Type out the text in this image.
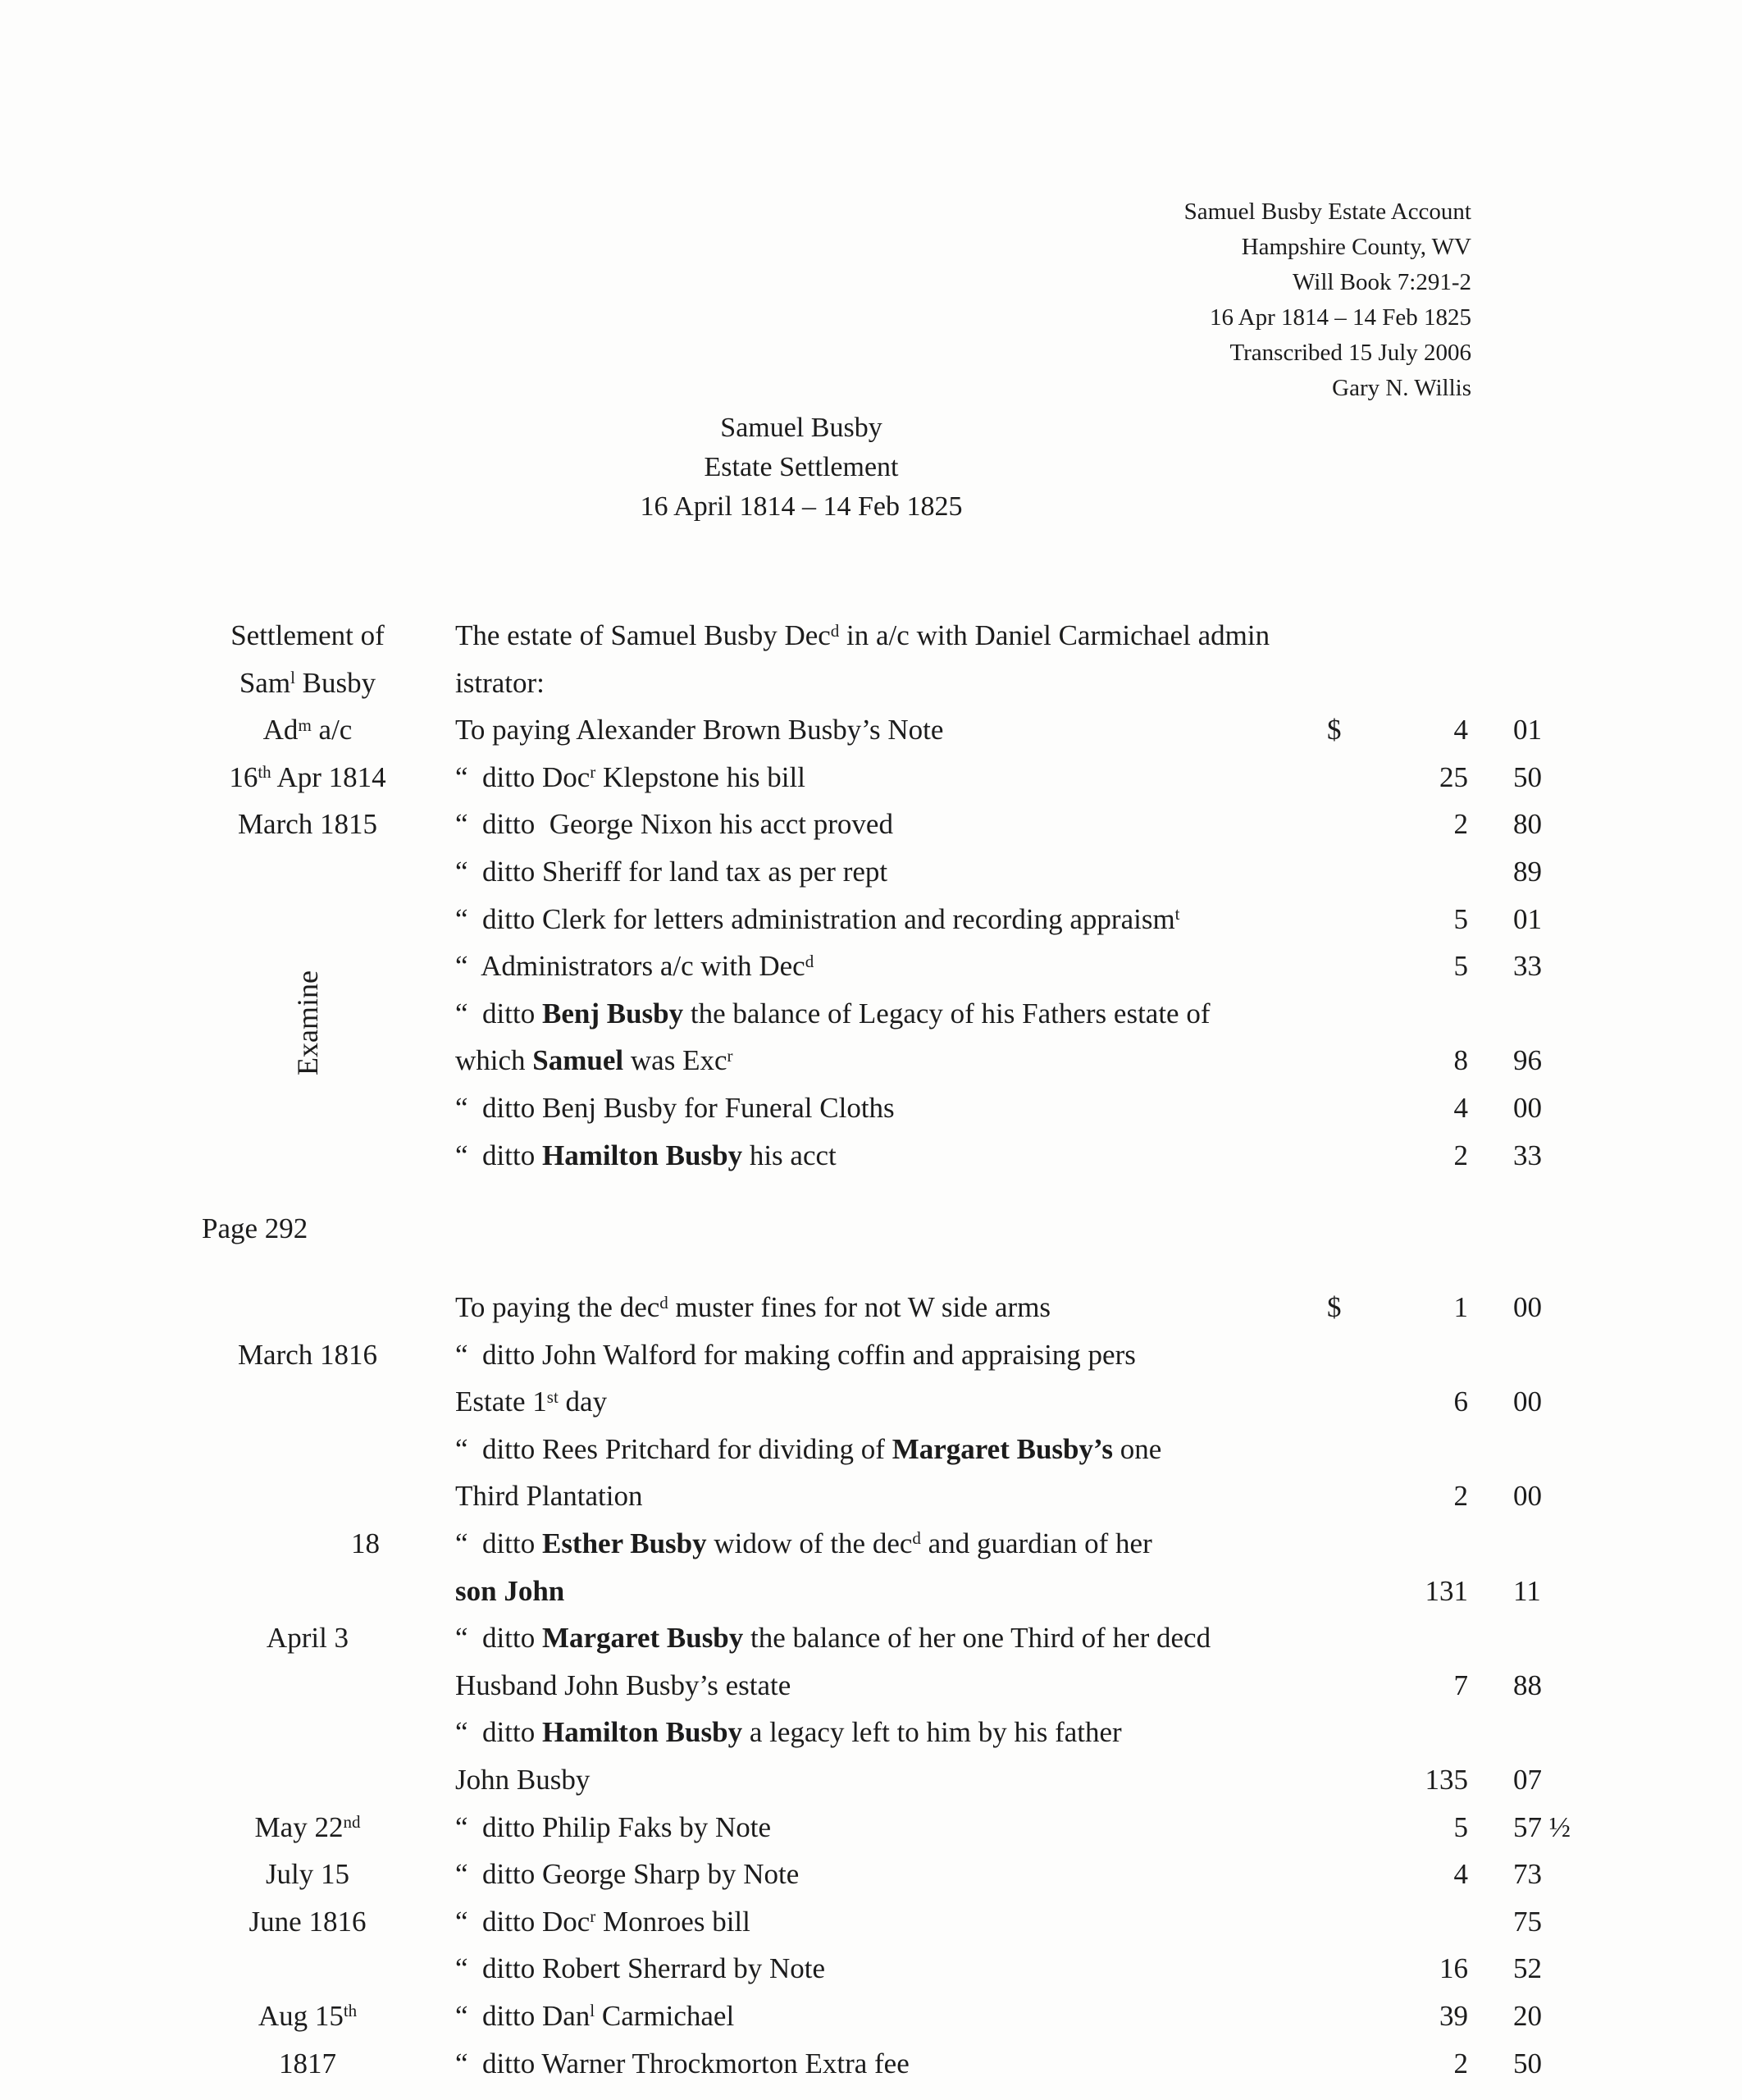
Samuel Busby Estate Account
Hampshire County, WV
Will Book 7:291-2
16 Apr 1814 – 14 Feb 1825
Transcribed 15 July 2006
Gary N. Willis
Samuel Busby
Estate Settlement
16 April 1814 – 14 Feb 1825
Examine
Page 292
Settlement of	The estate of Samuel Busby Dec$^d$ in a/c with Daniel Carmichael admin
Sam$^l$ Busby	istrator:
Ad$^m$ a/c	To paying Alexander Brown Busby’s Note	$	4 01
16th Apr 1814	“  ditto Doc$^r$ Klepstone his bill	25 50
March 1815	“  ditto  George Nixon his acct proved	2 80
“  ditto Sheriff for land tax as per rept	89
“  ditto Clerk for letters administration and recording appraism$^t$	5 01
“  Administrators a/c with Dec$^d$	5 33
“  ditto Benj Busby the balance of Legacy of his Fathers estate of
which Samuel was Exc$^r$	8 96
“  ditto Benj Busby for Funeral Cloths	4 00
“  ditto Hamilton Busby his acct	2 33
To paying the dec$^d$ muster fines for not W side arms	$	1 00
March 1816	“  ditto John Walford for making coffin and appraising pers
Estate 1st day	6 00
“  ditto Rees Pritchard for dividing of Margaret Busby’s one
Third Plantation	2 00
18	“  ditto Esther Busby widow of the dec$^d$ and guardian of her
son John	131 11
April 3	“  ditto Margaret Busby the balance of her one Third of her decd
Husband John Busby’s estate	7 88
“  ditto Hamilton Busby a legacy left to him by his father
John Busby	135 07
May 22nd	“  ditto Philip Faks by Note	5 57 ½
July 15	“  ditto George Sharp by Note	4 73
June 1816	“  ditto Doc$^r$ Monroes bill	75
“  ditto Robert Sherrard by Note	16 52
Aug 15th	“  ditto Dan$^l$ Carmichael	39 20
1817	“  ditto Warner Throckmorton Extra fee	2 50
